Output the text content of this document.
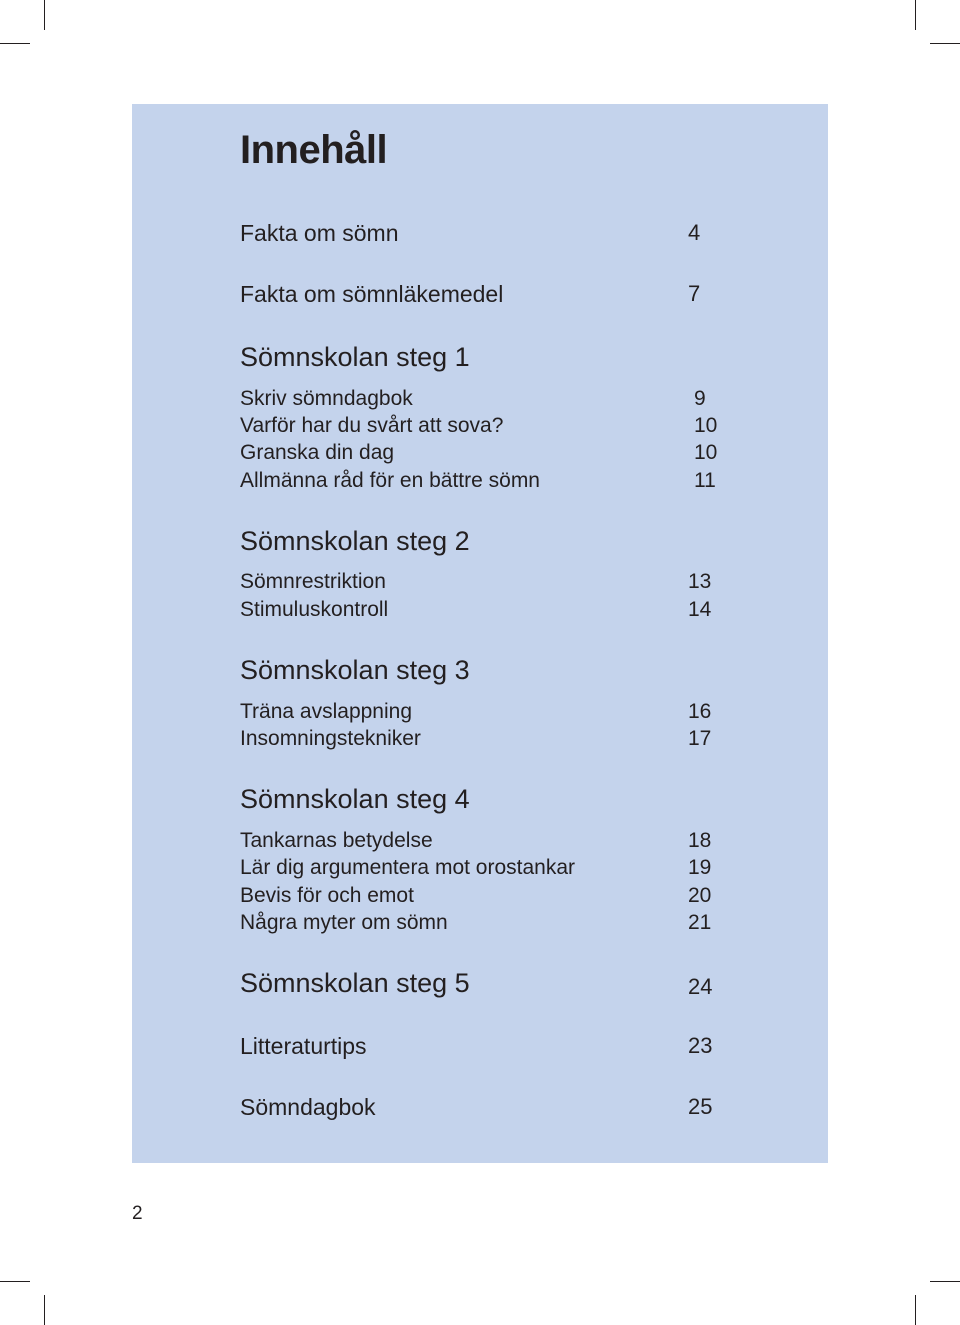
Innehåll
Fakta om sömn	4
Fakta om sömnläkemedel	7
Sömnskolan steg 1
Skriv sömndagbok	9
Varför har du svårt att sova?	10
Granska din dag	10
Allmänna råd för en bättre sömn	11
Sömnskolan steg 2
Sömnrestriktion	13
Stimuluskontroll	14
Sömnskolan steg 3
Träna avslappning	16
Insomningstekniker	17
Sömnskolan steg 4
Tankarnas betydelse	18
Lär dig argumentera mot orostankar	19
Bevis för och emot	20
Några myter om sömn	21
Sömnskolan steg 5	24
Litteraturtips	23
Sömndagbok	25
2
